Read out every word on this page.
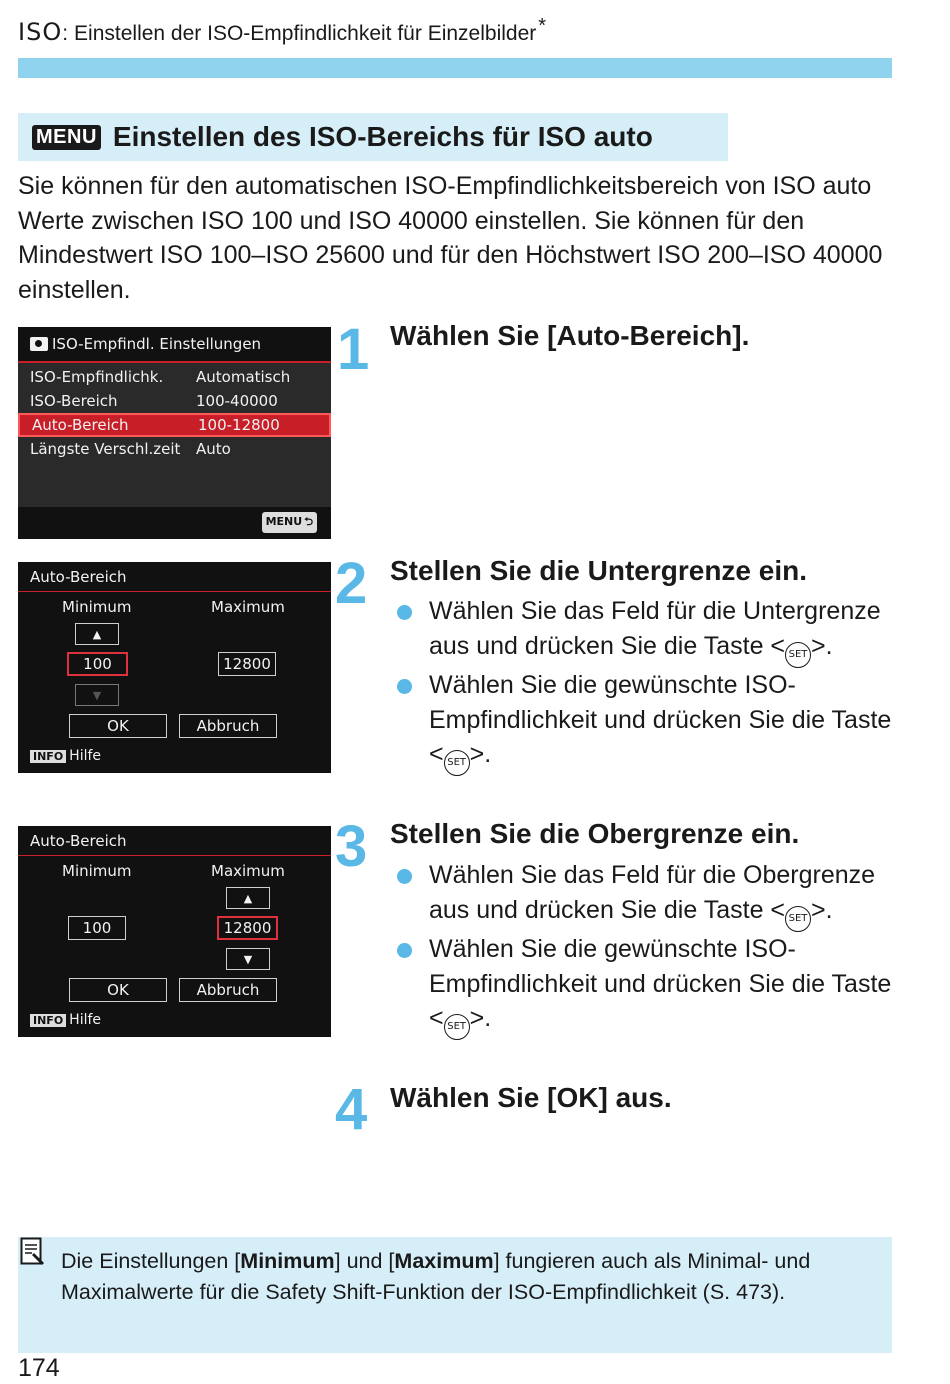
ISO : Einstellen der ISO-Empfindlichkeit für Einzelbilder *
MENU Einstellen des ISO-Bereichs für ISO auto

Sie können für den automatischen ISO-Empfindlichkeitsbereich von ISO auto Werte zwischen ISO 100 und ISO 40000 einstellen. Sie können für den Mindestwert ISO 100–ISO 25600 und für den Höchstwert ISO 200–ISO 40000 einstellen.

ISO-Empfindl. Einstellungen
ISO-Empfindlichk.	Automatisch
ISO-Bereich	100-40000
Auto-Bereich	100-12800
Längste Verschl.zeit	Auto
MENU ⮌
Auto-Bereich
Minimum	Maximum
▲
100	12800
▼
OK	Abbruch
INFO Hilfe
Auto-Bereich
Minimum	Maximum
▲
100	12800
▼
OK	Abbruch
INFO Hilfe
1 Wählen Sie [Auto-Bereich].
2 Stellen Sie die Untergrenze ein.
Wählen Sie das Feld für die Untergrenze aus und drücken Sie die Taste < SET >.
Wählen Sie die gewünschte ISO-Empfindlichkeit und drücken Sie die Taste < SET >.
3 Stellen Sie die Obergrenze ein.
Wählen Sie das Feld für die Obergrenze aus und drücken Sie die Taste < SET >.
Wählen Sie die gewünschte ISO-Empfindlichkeit und drücken Sie die Taste < SET >.
4 Wählen Sie [OK] aus.

Die Einstellungen [Minimum] und [Maximum] fungieren auch als Minimal- und Maximalwerte für die Safety Shift-Funktion der ISO-Empfindlichkeit (S. 473).

174
